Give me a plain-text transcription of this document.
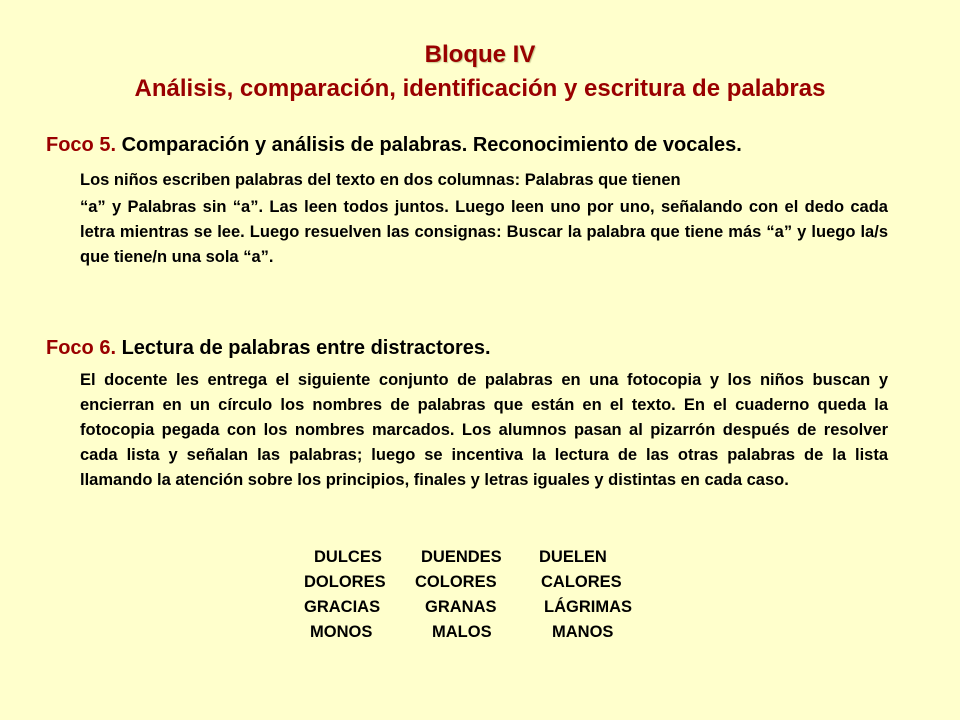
Bloque IV
Análisis, comparación, identificación y escritura de palabras
Foco 5. Comparación y análisis de palabras. Reconocimiento de vocales.
Los niños escriben palabras del texto en dos columnas: Palabras que tienen
“a” y Palabras sin “a”. Las leen todos juntos. Luego leen uno por uno, señalando con el dedo cada letra mientras se lee. Luego resuelven las consignas: Buscar la palabra que tiene más “a” y luego la/s que tiene/n una sola “a”.
Foco 6. Lectura de palabras entre distractores.
El docente les entrega el siguiente conjunto de palabras en una fotocopia y los niños buscan y encierran en un círculo los nombres de palabras que están en el texto. En el cuaderno queda la fotocopia pegada con los nombres marcados. Los alumnos pasan al pizarrón después de resolver cada lista y señalan las palabras; luego se incentiva la lectura de las otras palabras de la lista llamando la atención sobre los principios, finales y letras iguales y distintas en cada caso.
DULCES DUENDES DUELEN
DOLORES COLORES	CALORES
GRACIAS	GRANAS	LÁGRIMAS
MONOS	MALOS	MANOS
